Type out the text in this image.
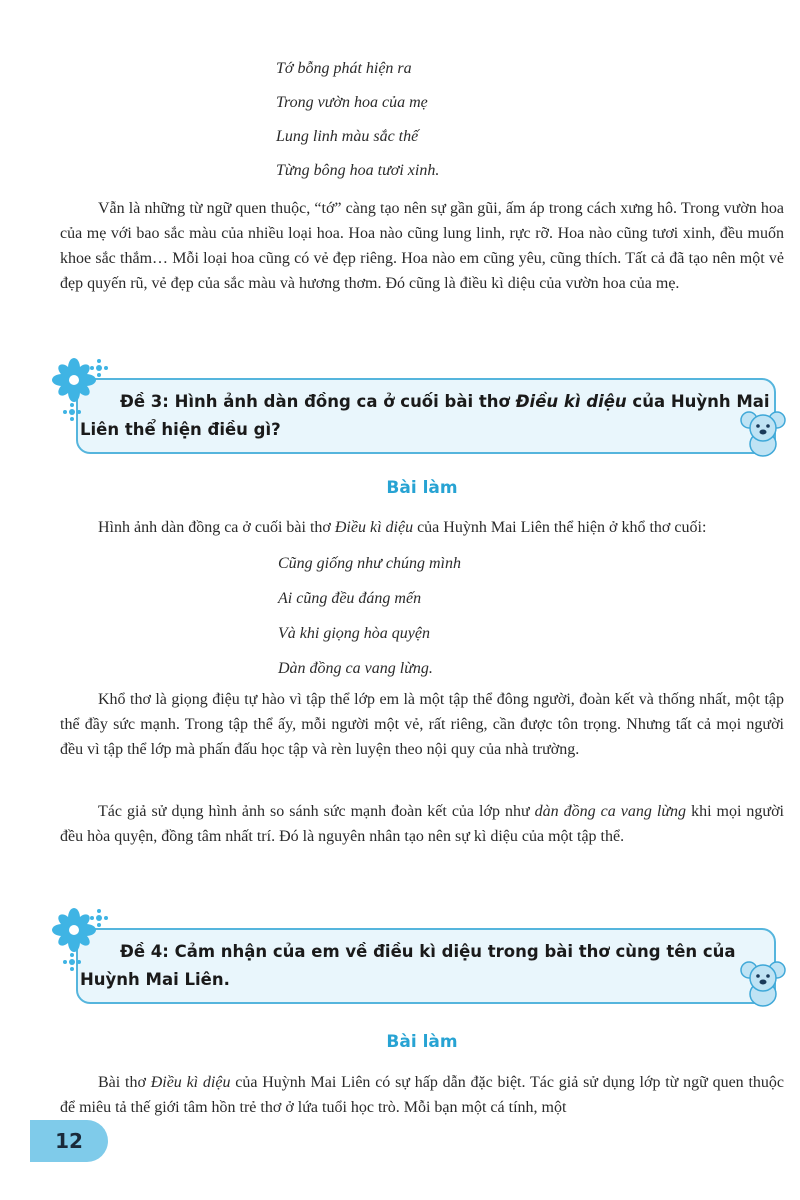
Tớ bỗng phát hiện ra
Trong vườn hoa của mẹ
Lung linh màu sắc thế
Từng bông hoa tươi xinh.
Vẫn là những từ ngữ quen thuộc, “tớ” càng tạo nên sự gần gũi, ấm áp trong cách xưng hô. Trong vườn hoa của mẹ với bao sắc màu của nhiều loại hoa. Hoa nào cũng lung linh, rực rỡ. Hoa nào cũng tươi xinh, đều muốn khoe sắc thắm… Mỗi loại hoa cũng có vẻ đẹp riêng. Hoa nào em cũng yêu, cũng thích. Tất cả đã tạo nên một vẻ đẹp quyến rũ, vẻ đẹp của sắc màu và hương thơm. Đó cũng là điều kì diệu của vườn hoa của mẹ.
Đề 3: Hình ảnh dàn đồng ca ở cuối bài thơ Điều kì diệu của Huỳnh Mai Liên thể hiện điều gì?
Bài làm
Hình ảnh dàn đồng ca ở cuối bài thơ Điều kì diệu của Huỳnh Mai Liên thể hiện ở khổ thơ cuối:
Cũng giống như chúng mình
Ai cũng đều đáng mến
Và khi giọng hòa quyện
Dàn đồng ca vang lừng.
Khổ thơ là giọng điệu tự hào vì tập thể lớp em là một tập thể đông người, đoàn kết và thống nhất, một tập thể đầy sức mạnh. Trong tập thể ấy, mỗi người một vẻ, rất riêng, cần được tôn trọng. Nhưng tất cả mọi người đều vì tập thể lớp mà phấn đấu học tập và rèn luyện theo nội quy của nhà trường.
Tác giả sử dụng hình ảnh so sánh sức mạnh đoàn kết của lớp như dàn đồng ca vang lừng khi mọi người đều hòa quyện, đồng tâm nhất trí. Đó là nguyên nhân tạo nên sự kì diệu của một tập thể.
Đề 4: Cảm nhận của em về điều kì diệu trong bài thơ cùng tên của Huỳnh Mai Liên.
Bài làm
Bài thơ Điều kì diệu của Huỳnh Mai Liên có sự hấp dẫn đặc biệt. Tác giả sử dụng lớp từ ngữ quen thuộc để miêu tả thế giới tâm hồn trẻ thơ ở lứa tuổi học trò. Mỗi bạn một cá tính, một
12
